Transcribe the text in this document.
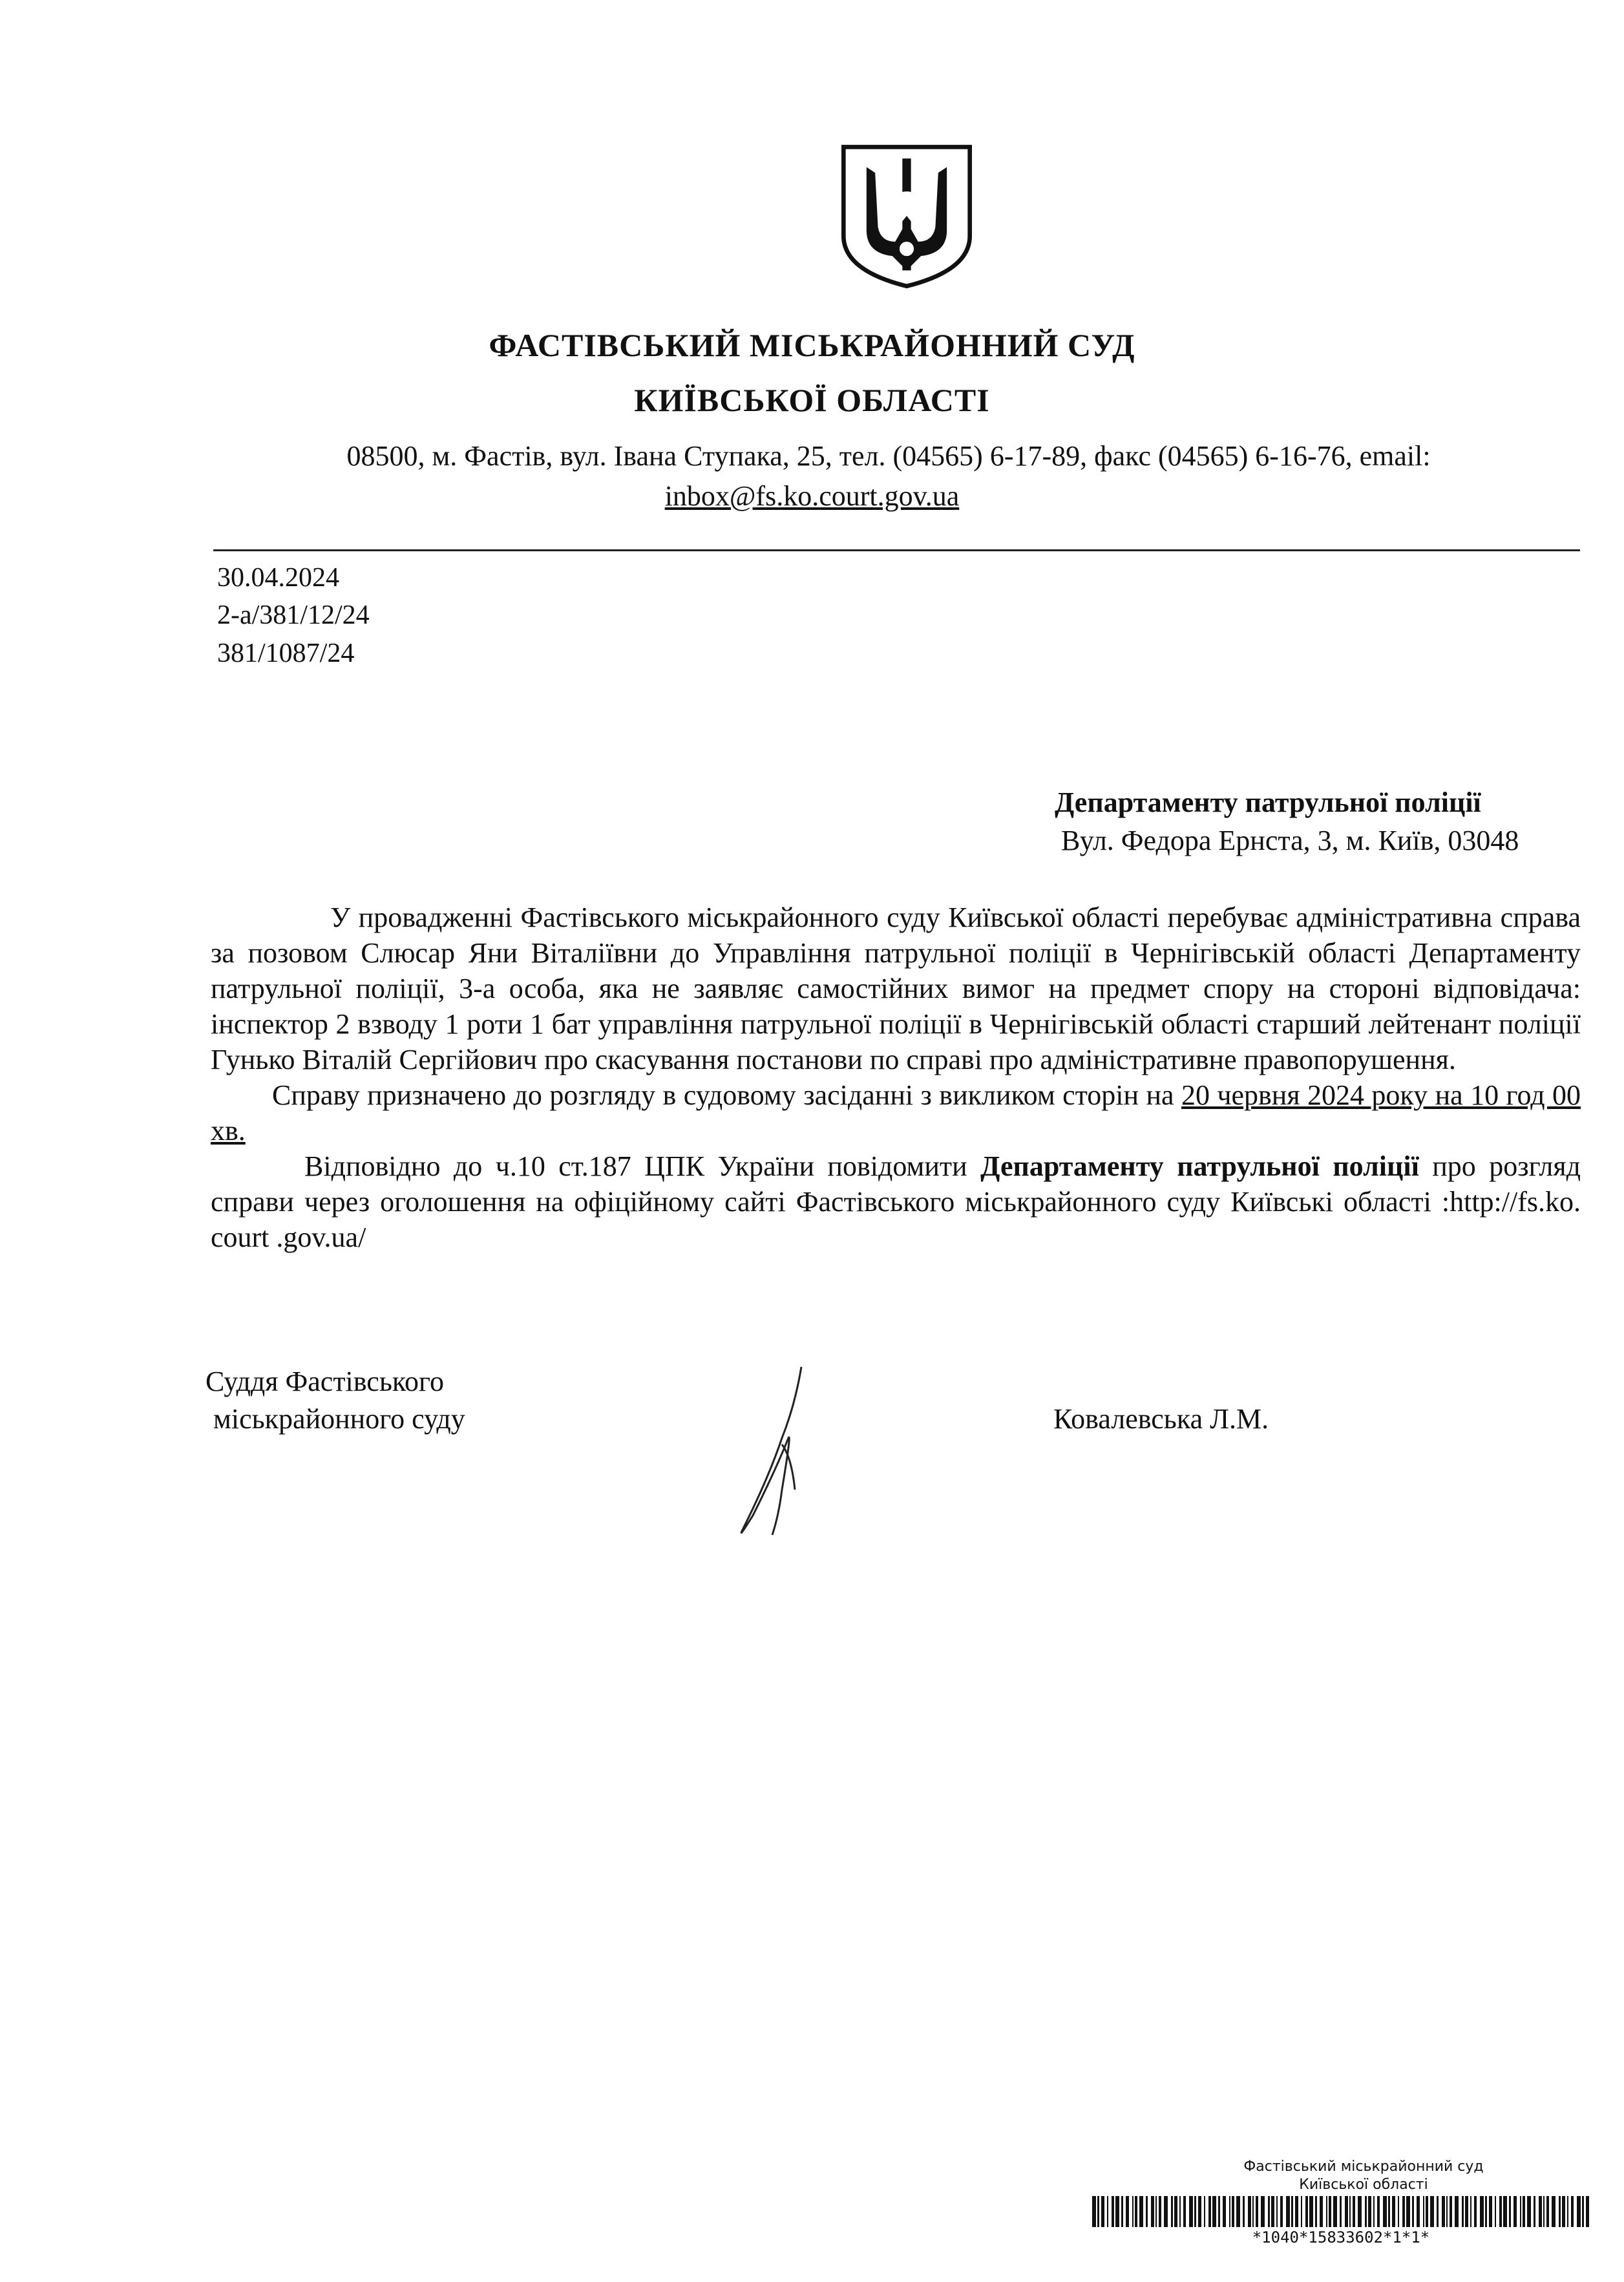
ФАСТІВСЬКИЙ МІСЬКРАЙОННИЙ СУД
КИЇВСЬКОЇ ОБЛАСТІ
08500, м. Фастів, вул. Івана Ступака, 25, тел. (04565) 6-17-89, факс (04565) 6-16-76, email:
inbox@fs.ko.court.gov.ua
30.04.2024
2-а/381/12/24
381/1087/24
Департаменту патрульної поліції
Вул. Федора Ернста, 3, м. Київ, 03048

У провадженні Фастівського міськрайонного суду Київської області перебуває адміністративна справа за позовом Слюсар Яни Віталіївни до Управління патрульної поліції в Чернігівській області Департаменту патрульної поліції, 3-а особа, яка не заявляє самостійних вимог на предмет спору на стороні відповідача: інспектор 2 взводу 1 роти 1 бат управління патрульної поліції в Чернігівській області старший лейтенант поліції Гунько Віталій Сергійович про скасування постанови по справі про адміністративне правопорушення.

Справу призначено до розгляду в судовому засіданні з викликом сторін на 20 червня 2024 року на 10 год 00 хв.

Відповідно до ч.10 ст.187 ЦПК України повідомити Департаменту патрульної поліції про розгляд справи через оголошення на офіційному сайті Фастівського міськрайонного суду Київські області :http://fs.ko. court .gov.ua/

Суддя Фастівського
міськрайонного суду	Ковалевська Л.М.
Фастівський міськрайонний суд
Київської області
*1040*15833602*1*1*
